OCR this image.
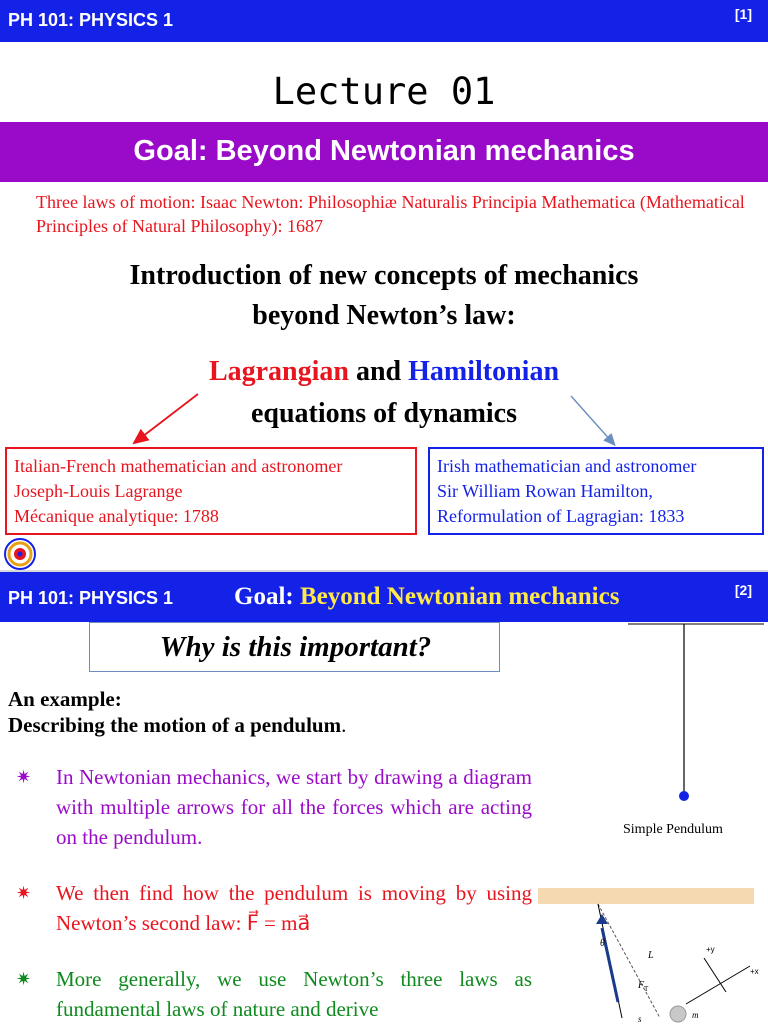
PH 101: PHYSICS 1	[1]
Lecture 01
Goal: Beyond Newtonian mechanics
Three laws of motion: Isaac Newton: Philosophiæ Naturalis Principia Mathematica (Mathematical Principles of Natural Philosophy): 1687
Introduction of new concepts of mechanics
beyond Newton’s law:
Lagrangian and Hamiltonian
equations of dynamics
Italian-French mathematician and astronomer
Joseph-Louis Lagrange
Mécanique analytique: 1788
Irish mathematician and astronomer
Sir William Rowan Hamilton,
Reformulation of Lagragian: 1833
PH 101: PHYSICS 1 Goal: Beyond Newtonian mechanics	[2]
Why is this important?
An example:
Describing the motion of a pendulum.
✷ In Newtonian mechanics, we start by drawing a diagram with multiple arrows for all the forces which are acting on the pendulum.
✷ We then find how the pendulum is moving by using Newton’s second law: F⃗ = ma⃗
✷ More generally, we use Newton’s three laws as fundamental laws of nature and derive
Simple Pendulum
θ
L
F T
+y
+x
m
s
